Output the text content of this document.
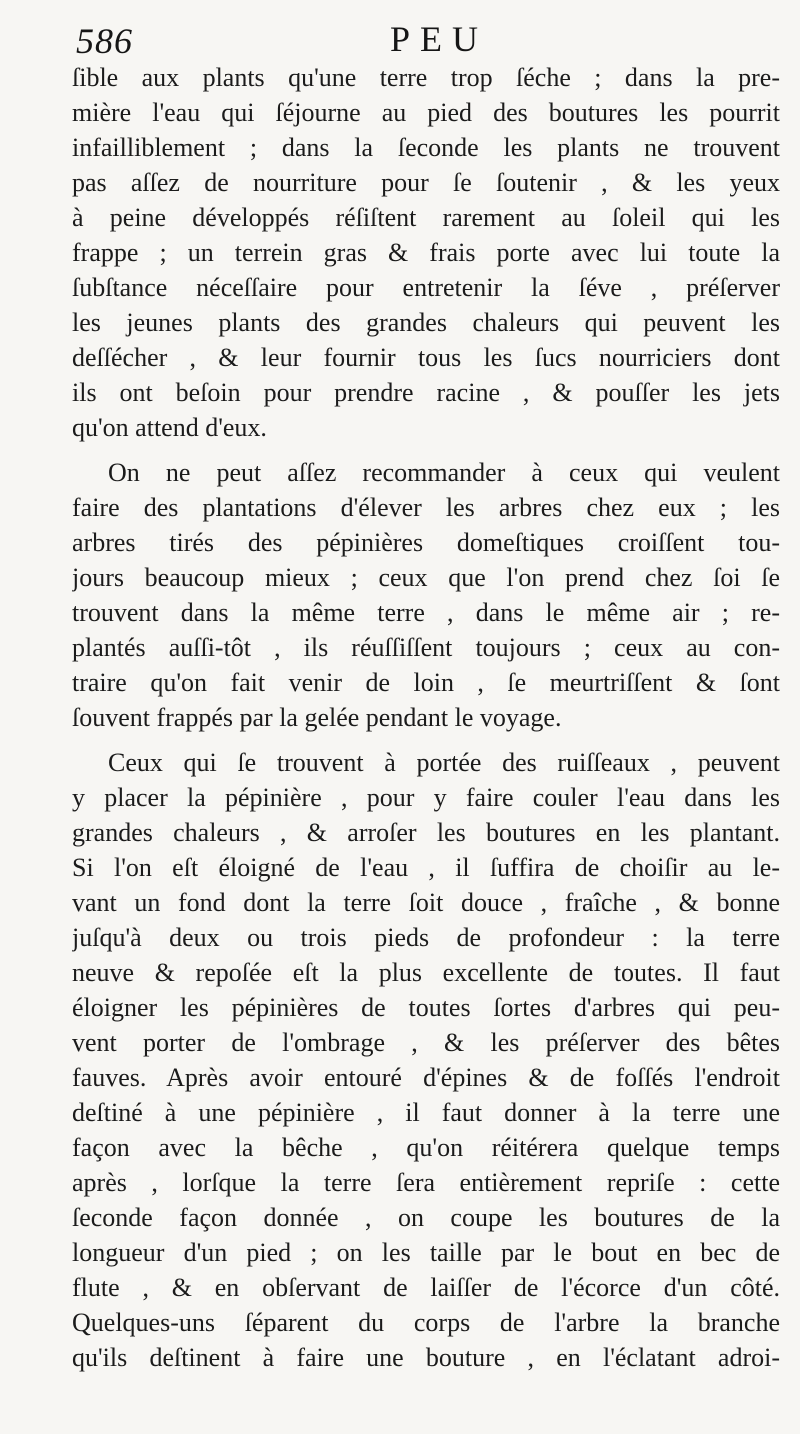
586	PEU
ſible aux plants qu'une terre trop ſéche ; dans la pre-
mière l'eau qui ſéjourne au pied des boutures les pourrit
infailliblement ; dans la ſeconde les plants ne trouvent
pas aſſez de nourriture pour ſe ſoutenir , & les yeux
à peine développés réſiſtent rarement au ſoleil qui les
frappe ; un terrein gras & frais porte avec lui toute la
ſubſtance néceſſaire pour entretenir la ſéve , préſerver
les jeunes plants des grandes chaleurs qui peuvent les
deſſécher , & leur fournir tous les ſucs nourriciers dont
ils ont beſoin pour prendre racine , & pouſſer les jets
qu'on attend d'eux.
On ne peut aſſez recommander à ceux qui veulent
faire des plantations d'élever les arbres chez eux ; les
arbres tirés des pépinières domeſtiques croiſſent tou-
jours beaucoup mieux ; ceux que l'on prend chez ſoi ſe
trouvent dans la même terre , dans le même air ; re-
plantés auſſi-tôt , ils réuſſiſſent toujours ; ceux au con-
traire qu'on fait venir de loin , ſe meurtriſſent & ſont
ſouvent frappés par la gelée pendant le voyage.
Ceux qui ſe trouvent à portée des ruiſſeaux , peuvent
y placer la pépinière , pour y faire couler l'eau dans les
grandes chaleurs , & arroſer les boutures en les plantant.
Si l'on eſt éloigné de l'eau , il ſuffira de choiſir au le-
vant un fond dont la terre ſoit douce , fraîche , & bonne
juſqu'à deux ou trois pieds de profondeur : la terre
neuve & repoſée eſt la plus excellente de toutes. Il faut
éloigner les pépinières de toutes ſortes d'arbres qui peu-
vent porter de l'ombrage , & les préſerver des bêtes
fauves. Après avoir entouré d'épines & de foſſés l'endroit
deſtiné à une pépinière , il faut donner à la terre une
façon avec la bêche , qu'on réitérera quelque temps
après , lorſque la terre ſera entièrement repriſe : cette
ſeconde façon donnée , on coupe les boutures de la
longueur d'un pied ; on les taille par le bout en bec de
flute , & en obſervant de laiſſer de l'écorce d'un côté.
Quelques-uns ſéparent du corps de l'arbre la branche
qu'ils deſtinent à faire une bouture , en l'éclatant adroi-
